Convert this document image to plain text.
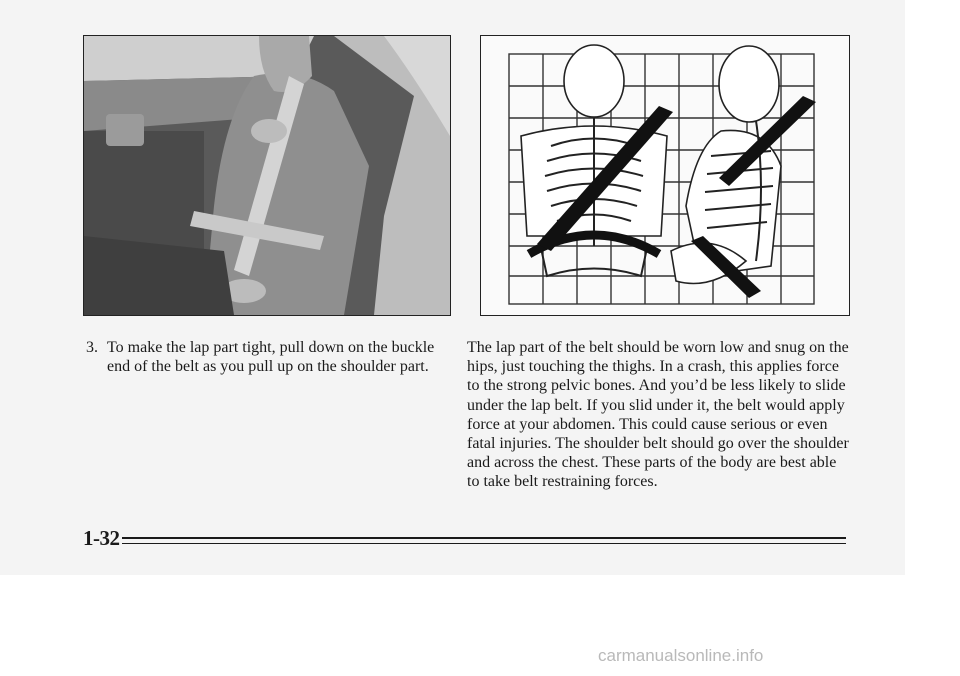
3. To make the lap part tight, pull down on the buckle end of the belt as you pull up on the shoulder part.
The lap part of the belt should be worn low and snug on the hips, just touching the thighs. In a crash, this applies force to the strong pelvic bones. And you’d be less likely to slide under the lap belt. If you slid under it, the belt would apply force at your abdomen. This could cause serious or even fatal injuries. The shoulder belt should go over the shoulder and across the chest. These parts of the body are best able to take belt restraining forces.
1-32
carmanualsonline.info
